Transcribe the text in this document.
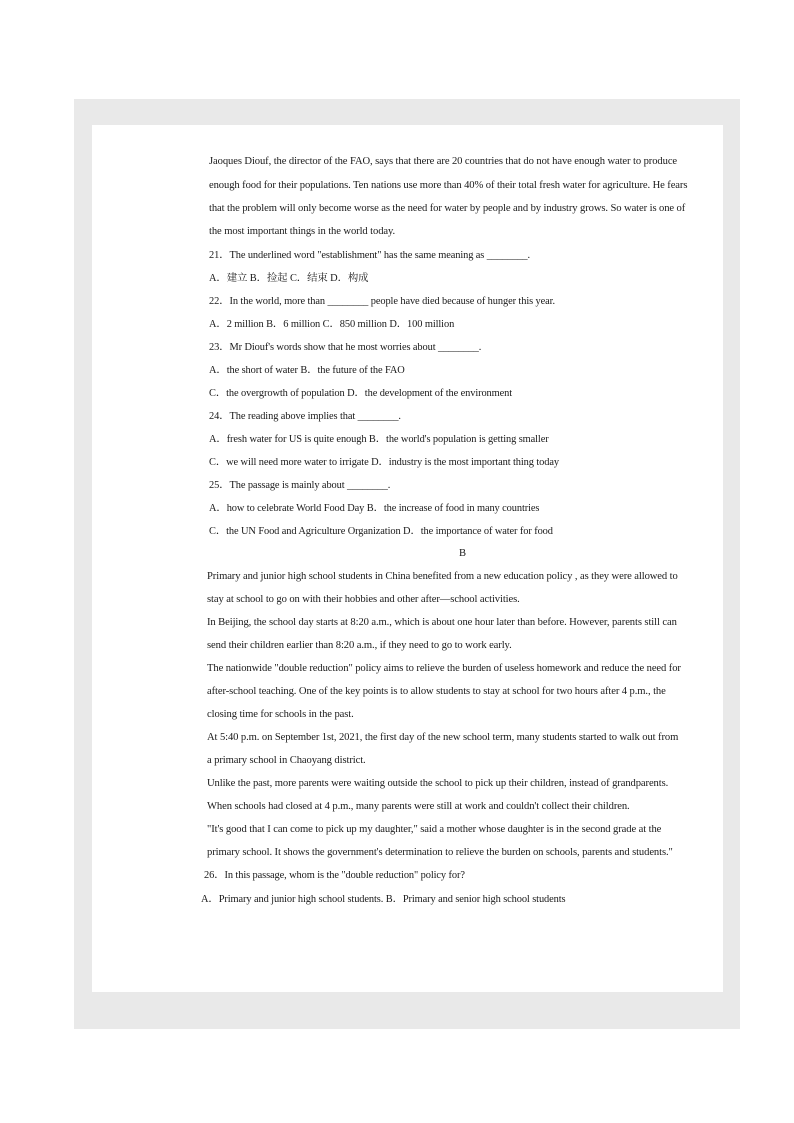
Jaoques Diouf, the director of the FAO, says that there are 20 countries that do not have enough water to produce
enough food for their populations. Ten nations use more than 40% of their total fresh water for agriculture. He fears
that the problem will only become worse as the need for water by people and by industry grows. So water is one of
the most important things in the world today.
21．The underlined word "establishment" has the same meaning as ________.
A．建立 B．捡起 C．结束 D．构成
22．In the world, more than ________ people have died because of hunger this year.
A．2 million B．6 million C．850 million D．100 million
23．Mr Diouf's words show that he most worries about ________.
A．the short of water B．the future of the FAO
C．the overgrowth of population D．the development of the environment
24．The reading above implies that ________.
A．fresh water for US is quite enough B．the world's population is getting smaller
C．we will need more water to irrigate D．industry is the most important thing today
25．The passage is mainly about ________.
A．how to celebrate World Food Day B．the increase of food in many countries
C．the UN Food and Agriculture Organization D．the importance of water for food
B
Primary and junior high school students in China benefited from a new education policy , as they were allowed to
stay at school to go on with their hobbies and other after—school activities.
In Beijing, the school day starts at 8:20 a.m., which is about one hour later than before. However, parents still can
send their children earlier than 8:20 a.m., if they need to go to work early.
The nationwide "double reduction" policy aims to relieve the burden of useless homework and reduce the need for
after-school teaching. One of the key points is to allow students to stay at school for two hours after 4 p.m., the
closing time for schools in the past.
At 5:40 p.m. on September 1st, 2021, the first day of the new school term, many students started to walk out from
a primary school in Chaoyang district.
Unlike the past, more parents were waiting outside the school to pick up their children, instead of grandparents.
When schools had closed at 4 p.m., many parents were still at work and couldn't collect their children.
"It's good that I can come to pick up my daughter," said a mother whose daughter is in the second grade at the
primary school. It shows the government's determination to relieve the burden on schools, parents and students."
26．In this passage, whom is the "double reduction" policy for?
A．Primary and junior high school students. B．Primary and senior high school students
